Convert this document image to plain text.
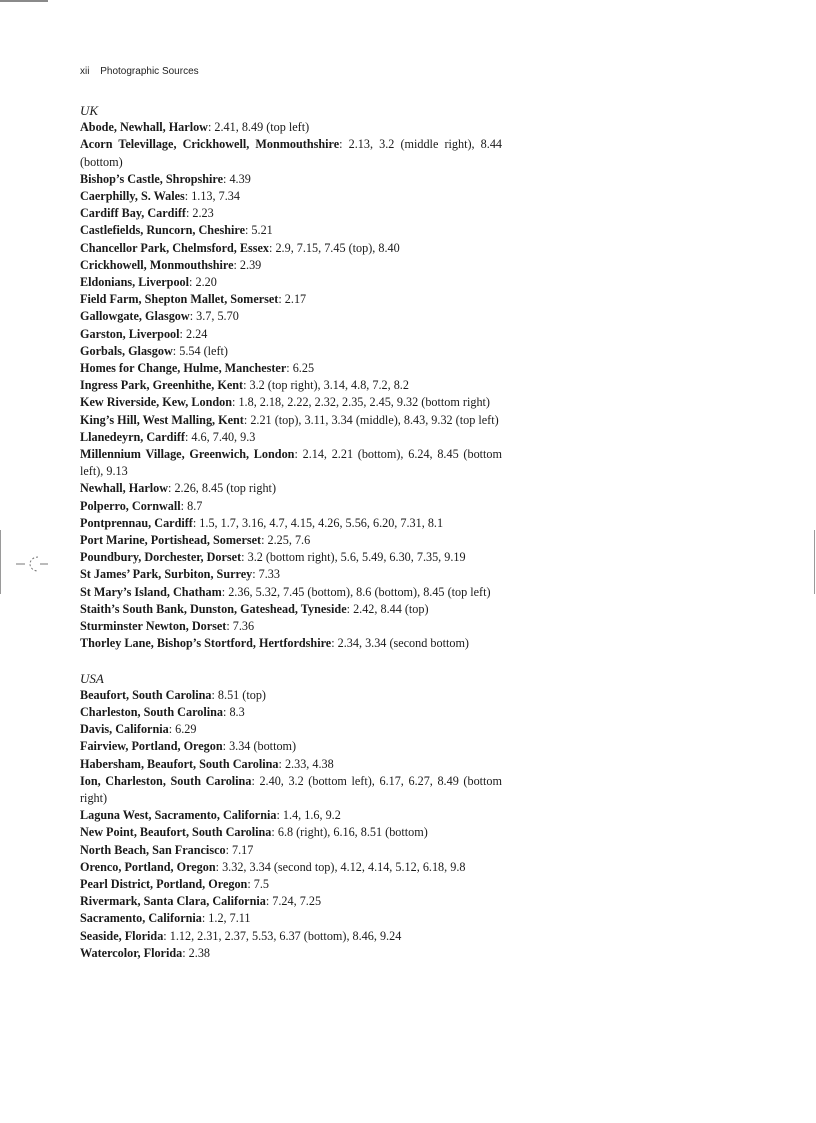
xii Photographic Sources
UK
Abode, Newhall, Harlow: 2.41, 8.49 (top left)
Acorn Televillage, Crickhowell, Monmouthshire: 2.13, 3.2 (middle right), 8.44 (bottom)
Bishop’s Castle, Shropshire: 4.39
Caerphilly, S. Wales: 1.13, 7.34
Cardiff Bay, Cardiff: 2.23
Castlefields, Runcorn, Cheshire: 5.21
Chancellor Park, Chelmsford, Essex: 2.9, 7.15, 7.45 (top), 8.40
Crickhowell, Monmouthshire: 2.39
Eldonians, Liverpool: 2.20
Field Farm, Shepton Mallet, Somerset: 2.17
Gallowgate, Glasgow: 3.7, 5.70
Garston, Liverpool: 2.24
Gorbals, Glasgow: 5.54 (left)
Homes for Change, Hulme, Manchester: 6.25
Ingress Park, Greenhithe, Kent: 3.2 (top right), 3.14, 4.8, 7.2, 8.2
Kew Riverside, Kew, London: 1.8, 2.18, 2.22, 2.32, 2.35, 2.45, 9.32 (bottom right)
King’s Hill, West Malling, Kent: 2.21 (top), 3.11, 3.34 (middle), 8.43, 9.32 (top left)
Llanedeyrn, Cardiff: 4.6, 7.40, 9.3
Millennium Village, Greenwich, London: 2.14, 2.21 (bottom), 6.24, 8.45 (bottom left), 9.13
Newhall, Harlow: 2.26, 8.45 (top right)
Polperro, Cornwall: 8.7
Pontprennau, Cardiff: 1.5, 1.7, 3.16, 4.7, 4.15, 4.26, 5.56, 6.20, 7.31, 8.1
Port Marine, Portishead, Somerset: 2.25, 7.6
Poundbury, Dorchester, Dorset: 3.2 (bottom right), 5.6, 5.49, 6.30, 7.35, 9.19
St James’ Park, Surbiton, Surrey: 7.33
St Mary’s Island, Chatham: 2.36, 5.32, 7.45 (bottom), 8.6 (bottom), 8.45 (top left)
Staith’s South Bank, Dunston, Gateshead, Tyneside: 2.42, 8.44 (top)
Sturminster Newton, Dorset: 7.36
Thorley Lane, Bishop’s Stortford, Hertfordshire: 2.34, 3.34 (second bottom)
USA
Beaufort, South Carolina: 8.51 (top)
Charleston, South Carolina: 8.3
Davis, California: 6.29
Fairview, Portland, Oregon: 3.34 (bottom)
Habersham, Beaufort, South Carolina: 2.33, 4.38
Ion, Charleston, South Carolina: 2.40, 3.2 (bottom left), 6.17, 6.27, 8.49 (bottom right)
Laguna West, Sacramento, California: 1.4, 1.6, 9.2
New Point, Beaufort, South Carolina: 6.8 (right), 6.16, 8.51 (bottom)
North Beach, San Francisco: 7.17
Orenco, Portland, Oregon: 3.32, 3.34 (second top), 4.12, 4.14, 5.12, 6.18, 9.8
Pearl District, Portland, Oregon: 7.5
Rivermark, Santa Clara, California: 7.24, 7.25
Sacramento, California: 1.2, 7.11
Seaside, Florida: 1.12, 2.31, 2.37, 5.53, 6.37 (bottom), 8.46, 9.24
Watercolor, Florida: 2.38
